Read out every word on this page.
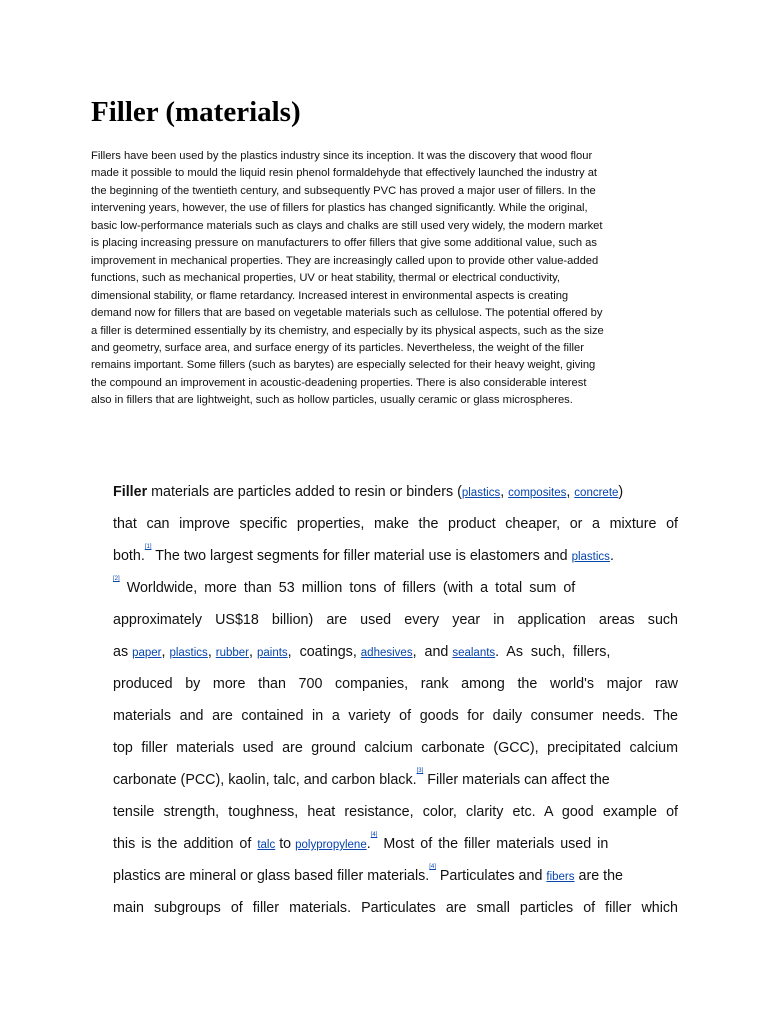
Filler (materials)
Fillers have been used by the plastics industry since its inception. It was the discovery that wood flour
made it possible to mould the liquid resin phenol formaldehyde that effectively launched the industry at
the beginning of the twentieth century, and subsequently PVC has proved a major user of fillers. In the
intervening years, however, the use of fillers for plastics has changed significantly. While the original,
basic low-performance materials such as clays and chalks are still used very widely, the modern market
is placing increasing pressure on manufacturers to offer fillers that give some additional value, such as
improvement in mechanical properties. They are increasingly called upon to provide other value-added
functions, such as mechanical properties, UV or heat stability, thermal or electrical conductivity,
dimensional stability, or flame retardancy. Increased interest in environmental aspects is creating
demand now for fillers that are based on vegetable materials such as cellulose. The potential offered by
a filler is determined essentially by its chemistry, and especially by its physical aspects, such as the size
and geometry, surface area, and surface energy of its particles. Nevertheless, the weight of the filler
remains important. Some fillers (such as barytes) are especially selected for their heavy weight, giving
the compound an improvement in acoustic-deadening properties. There is also considerable interest
also in fillers that are lightweight, such as hollow particles, usually ceramic or glass microspheres.
Filler materials are particles added to resin or binders (plastics, composites, concrete)
that can improve specific properties, make the product cheaper, or a mixture of
both.[1] The two largest segments for filler material use is elastomers and plastics.
[2] Worldwide, more than 53 million tons of fillers (with a total sum of
approximately US$18 billion) are used every year in application areas such
as paper, plastics, rubber, paints,  coatings, adhesives,  and sealants.  As  such,  fillers,
produced by more than 700 companies, rank among the world's major raw
materials and are contained in a variety of goods for daily consumer needs. The
top filler materials used are ground calcium carbonate (GCC), precipitated calcium
carbonate (PCC), kaolin, talc, and carbon black.[3] Filler materials can affect the
tensile strength, toughness, heat resistance, color, clarity etc. A good example of
this is the addition of talc to polypropylene.[4] Most of the filler materials used in
plastics are mineral or glass based filler materials.[4] Particulates and fibers are the
main subgroups of filler materials. Particulates are small particles of filler which
